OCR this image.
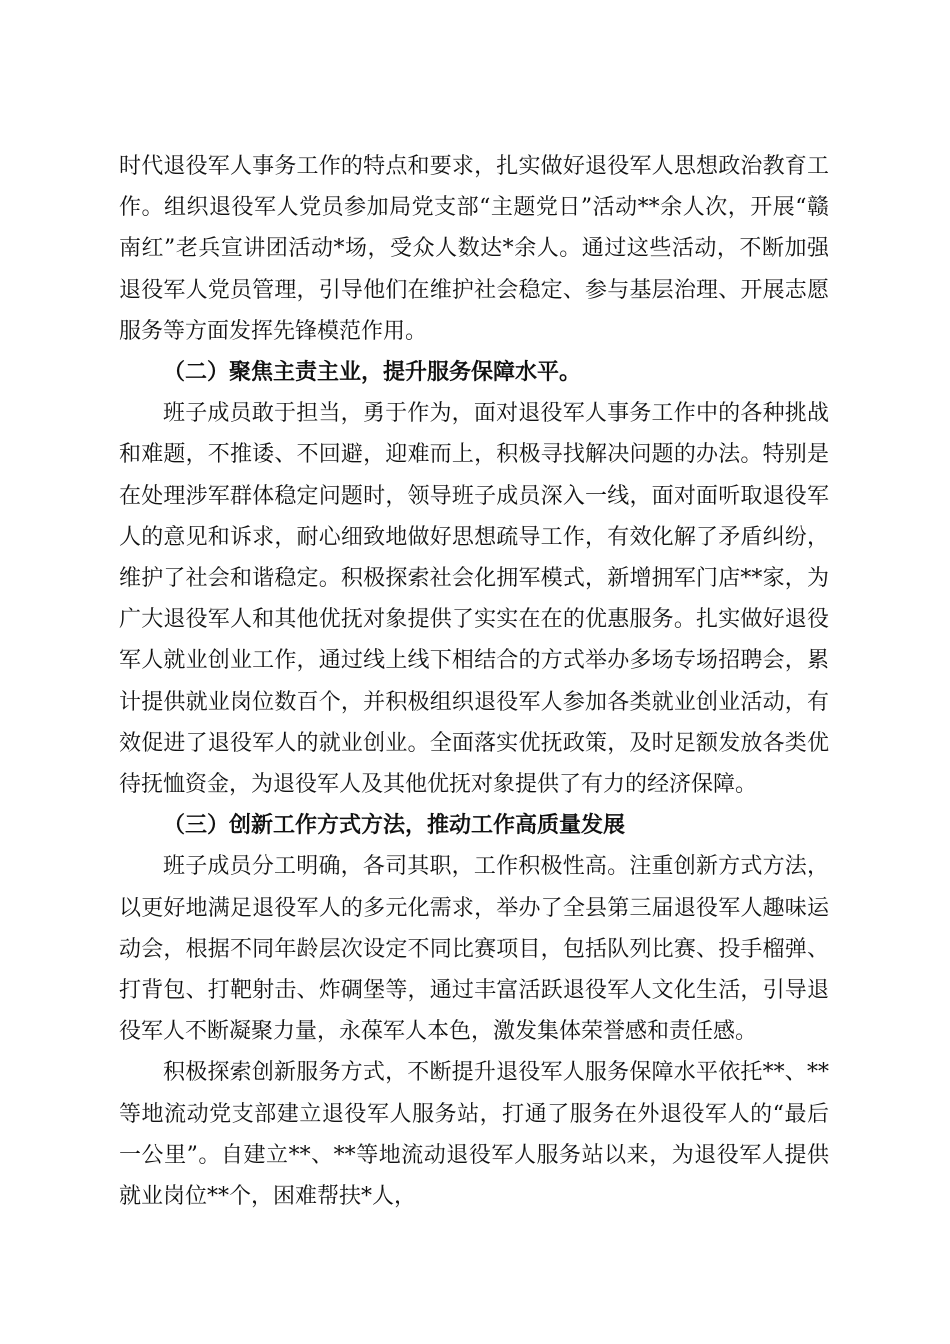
时代退役军人事务工作的特点和要求，扎实做好退役军人思想政治教育工作。组织退役军人党员参加局党支部“主题党日”活动**余人次，开展“赣南红”老兵宣讲团活动*场，受众人数达*余人。通过这些活动，不断加强退役军人党员管理，引导他们在维护社会稳定、参与基层治理、开展志愿服务等方面发挥先锋模范作用。

（二）聚焦主责主业，提升服务保障水平。

班子成员敢于担当，勇于作为，面对退役军人事务工作中的各种挑战和难题，不推诿、不回避，迎难而上，积极寻找解决问题的办法。特别是在处理涉军群体稳定问题时，领导班子成员深入一线，面对面听取退役军人的意见和诉求，耐心细致地做好思想疏导工作，有效化解了矛盾纠纷，维护了社会和谐稳定。积极探索社会化拥军模式，新增拥军门店**家，为广大退役军人和其他优抚对象提供了实实在在的优惠服务。扎实做好退役军人就业创业工作，通过线上线下相结合的方式举办多场专场招聘会，累计提供就业岗位数百个，并积极组织退役军人参加各类就业创业活动，有效促进了退役军人的就业创业。全面落实优抚政策，及时足额发放各类优待抚恤资金，为退役军人及其他优抚对象提供了有力的经济保障。

（三）创新工作方式方法，推动工作高质量发展

班子成员分工明确，各司其职，工作积极性高。注重创新方式方法，以更好地满足退役军人的多元化需求，举办了全县第三届退役军人趣味运动会，根据不同年龄层次设定不同比赛项目，包括队列比赛、投手榴弹、打背包、打靶射击、炸碉堡等，通过丰富活跃退役军人文化生活，引导退役军人不断凝聚力量，永葆军人本色，激发集体荣誉感和责任感。

积极探索创新服务方式，不断提升退役军人服务保障水平依托**、**等地流动党支部建立退役军人服务站，打通了服务在外退役军人的“最后一公里”。自建立**、**等地流动退役军人服务站以来，为退役军人提供就业岗位**个，困难帮扶*人，
